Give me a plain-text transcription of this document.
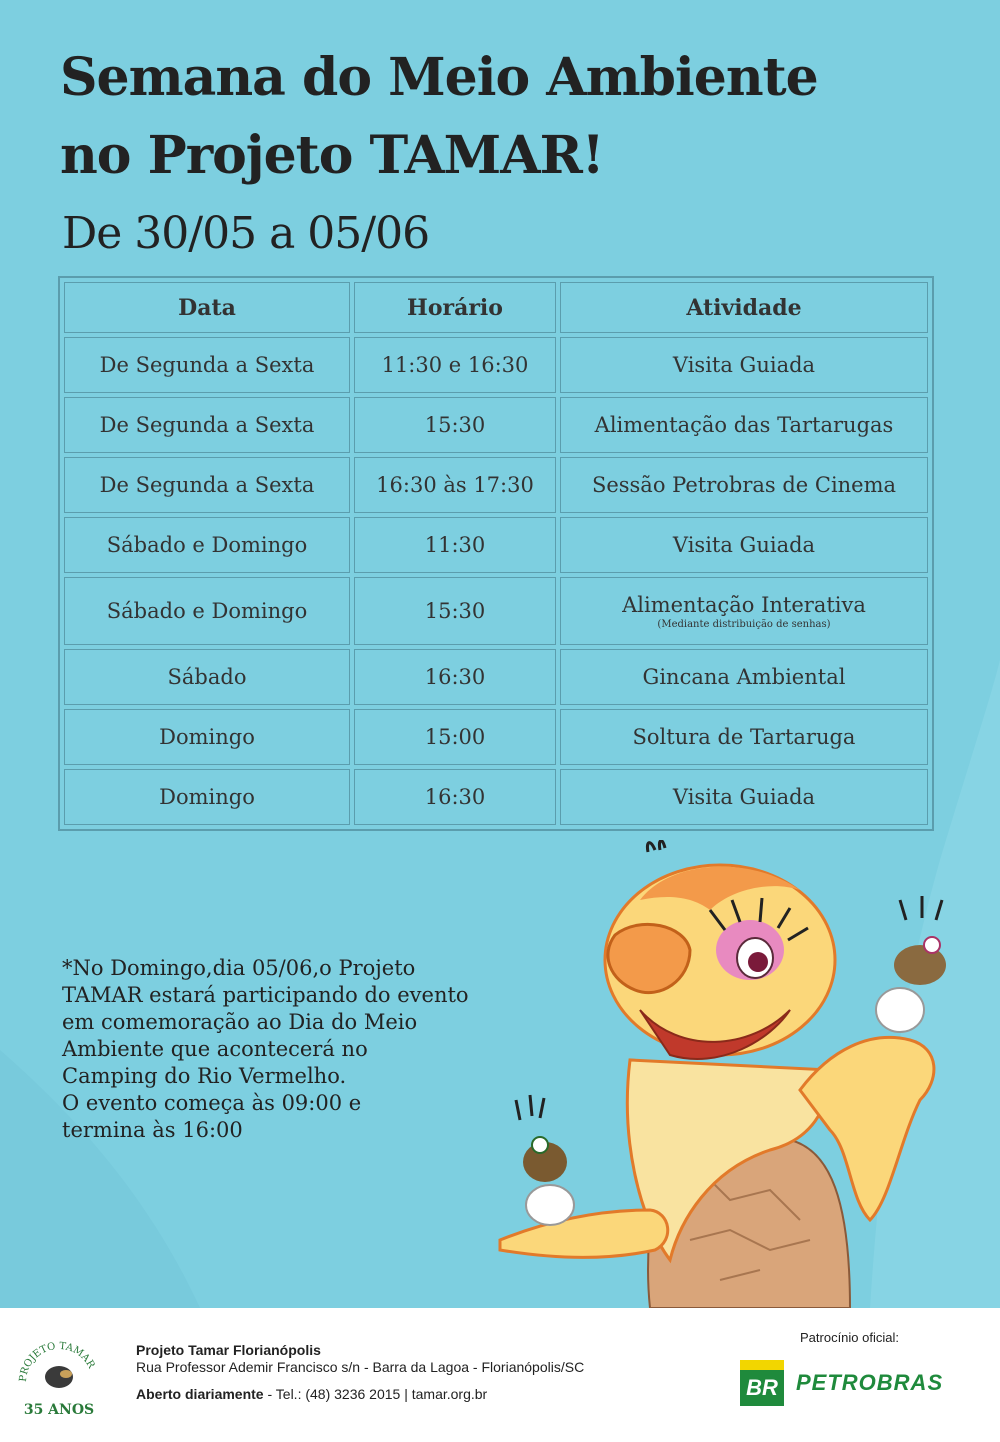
Semana do Meio Ambiente
no Projeto TAMAR!
De 30/05 a 05/06
Data	Horário	Atividade
De Segunda a Sexta	11:30 e 16:30	Visita Guiada
De Segunda a Sexta	15:30	Alimentação das Tartarugas
De Segunda a Sexta	16:30 às 17:30	Sessão Petrobras de Cinema
Sábado e Domingo	11:30	Visita Guiada
Sábado e Domingo	15:30	Alimentação Interativa
(Mediante distribuição de senhas)

Sábado	16:30	Gincana Ambiental
Domingo	15:00	Soltura de Tartaruga
Domingo	16:30	Visita Guiada
*No Domingo,dia 05/06,o Projeto
TAMAR estará participando do evento
em comemoração ao Dia do Meio
Ambiente que acontecerá no
Camping do Rio Vermelho.
O evento começa às 09:00 e
termina às 16:00
PROJETO TAMAR
35 ANOS
Projeto Tamar Florianópolis
Rua Professor Ademir Francisco s/n - Barra da Lagoa - Florianópolis/SC
Aberto diariamente - Tel.: (48) 3236 2015 | tamar.org.br
Patrocínio oficial:
BR PETROBRAS
